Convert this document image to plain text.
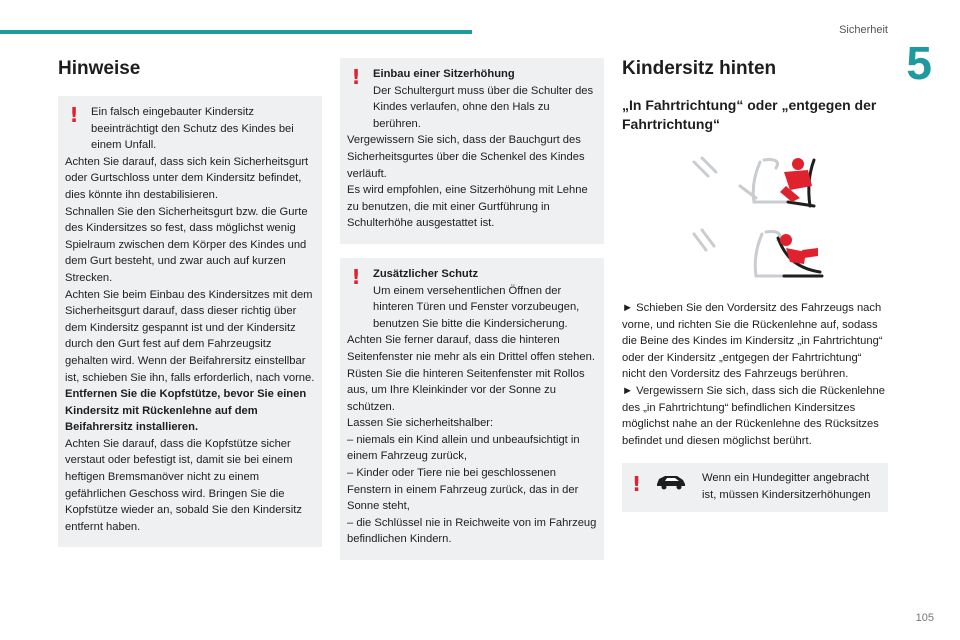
Sicherheit
5
105
Hinweise

! Ein falsch eingebauter Kindersitz beeinträchtigt den Schutz des Kindes bei einem Unfall.

Achten Sie darauf, dass sich kein Sicherheitsgurt oder Gurtschloss unter dem Kindersitz befindet, dies könnte ihn destabilisieren.

Schnallen Sie den Sicherheitsgurt bzw. die Gurte des Kindersitzes so fest, dass möglichst wenig Spielraum zwischen dem Körper des Kindes und dem Gurt besteht, und zwar auch auf kurzen Strecken.

Achten Sie beim Einbau des Kindersitzes mit dem Sicherheitsgurt darauf, dass dieser richtig über dem Kindersitz gespannt ist und der Kindersitz durch den Gurt fest auf dem Fahrzeugsitz gehalten wird. Wenn der Beifahrersitz einstellbar ist, schieben Sie ihn, falls erforderlich, nach vorne.

Entfernen Sie die Kopfstütze, bevor Sie einen Kindersitz mit Rückenlehne auf dem Beifahrersitz installieren.

Achten Sie darauf, dass die Kopfstütze sicher verstaut oder befestigt ist, damit sie bei einem heftigen Bremsmanöver nicht zu einem gefährlichen Geschoss wird. Bringen Sie die Kopfstütze wieder an, sobald Sie den Kindersitz entfernt haben.

! Einbau einer Sitzerhöhung
Der Schultergurt muss über die Schulter des Kindes verlaufen, ohne den Hals zu berühren.

Vergewissern Sie sich, dass der Bauchgurt des Sicherheitsgurtes über die Schenkel des Kindes verläuft.

Es wird empfohlen, eine Sitzerhöhung mit Lehne zu benutzen, die mit einer Gurtführung in Schulterhöhe ausgestattet ist.

! Zusätzlicher Schutz
Um einem versehentlichen Öffnen der hinteren Türen und Fenster vorzubeugen, benutzen Sie bitte die Kindersicherung.

Achten Sie ferner darauf, dass die hinteren Seitenfenster nie mehr als ein Drittel offen stehen.

Rüsten Sie die hinteren Seitenfenster mit Rollos aus, um Ihre Kleinkinder vor der Sonne zu schützen.

Lassen Sie sicherheitshalber:

– niemals ein Kind allein und unbeaufsichtigt in einem Fahrzeug zurück,

– Kinder oder Tiere nie bei geschlossenen Fenstern in einem Fahrzeug zurück, das in der Sonne steht,

– die Schlüssel nie in Reichweite von im Fahrzeug befindlichen Kindern.

Kindersitz hinten
„In Fahrtrichtung“ oder „entgegen der Fahrtrichtung“

► Schieben Sie den Vordersitz des Fahrzeugs nach vorne, und richten Sie die Rückenlehne auf, sodass die Beine des Kindes im Kindersitz „in Fahrtrichtung“ oder der Kindersitz „entgegen der Fahrtrichtung“ nicht den Vordersitz des Fahrzeugs berühren.

► Vergewissern Sie sich, dass sich die Rückenlehne des „in Fahrtrichtung“ befindlichen Kindersitzes möglichst nahe an der Rückenlehne des Rücksitzes befindet und diesen möglichst berührt.

!	Wenn ein Hundegitter angebracht ist, müssen Kindersitzerhöhungen
